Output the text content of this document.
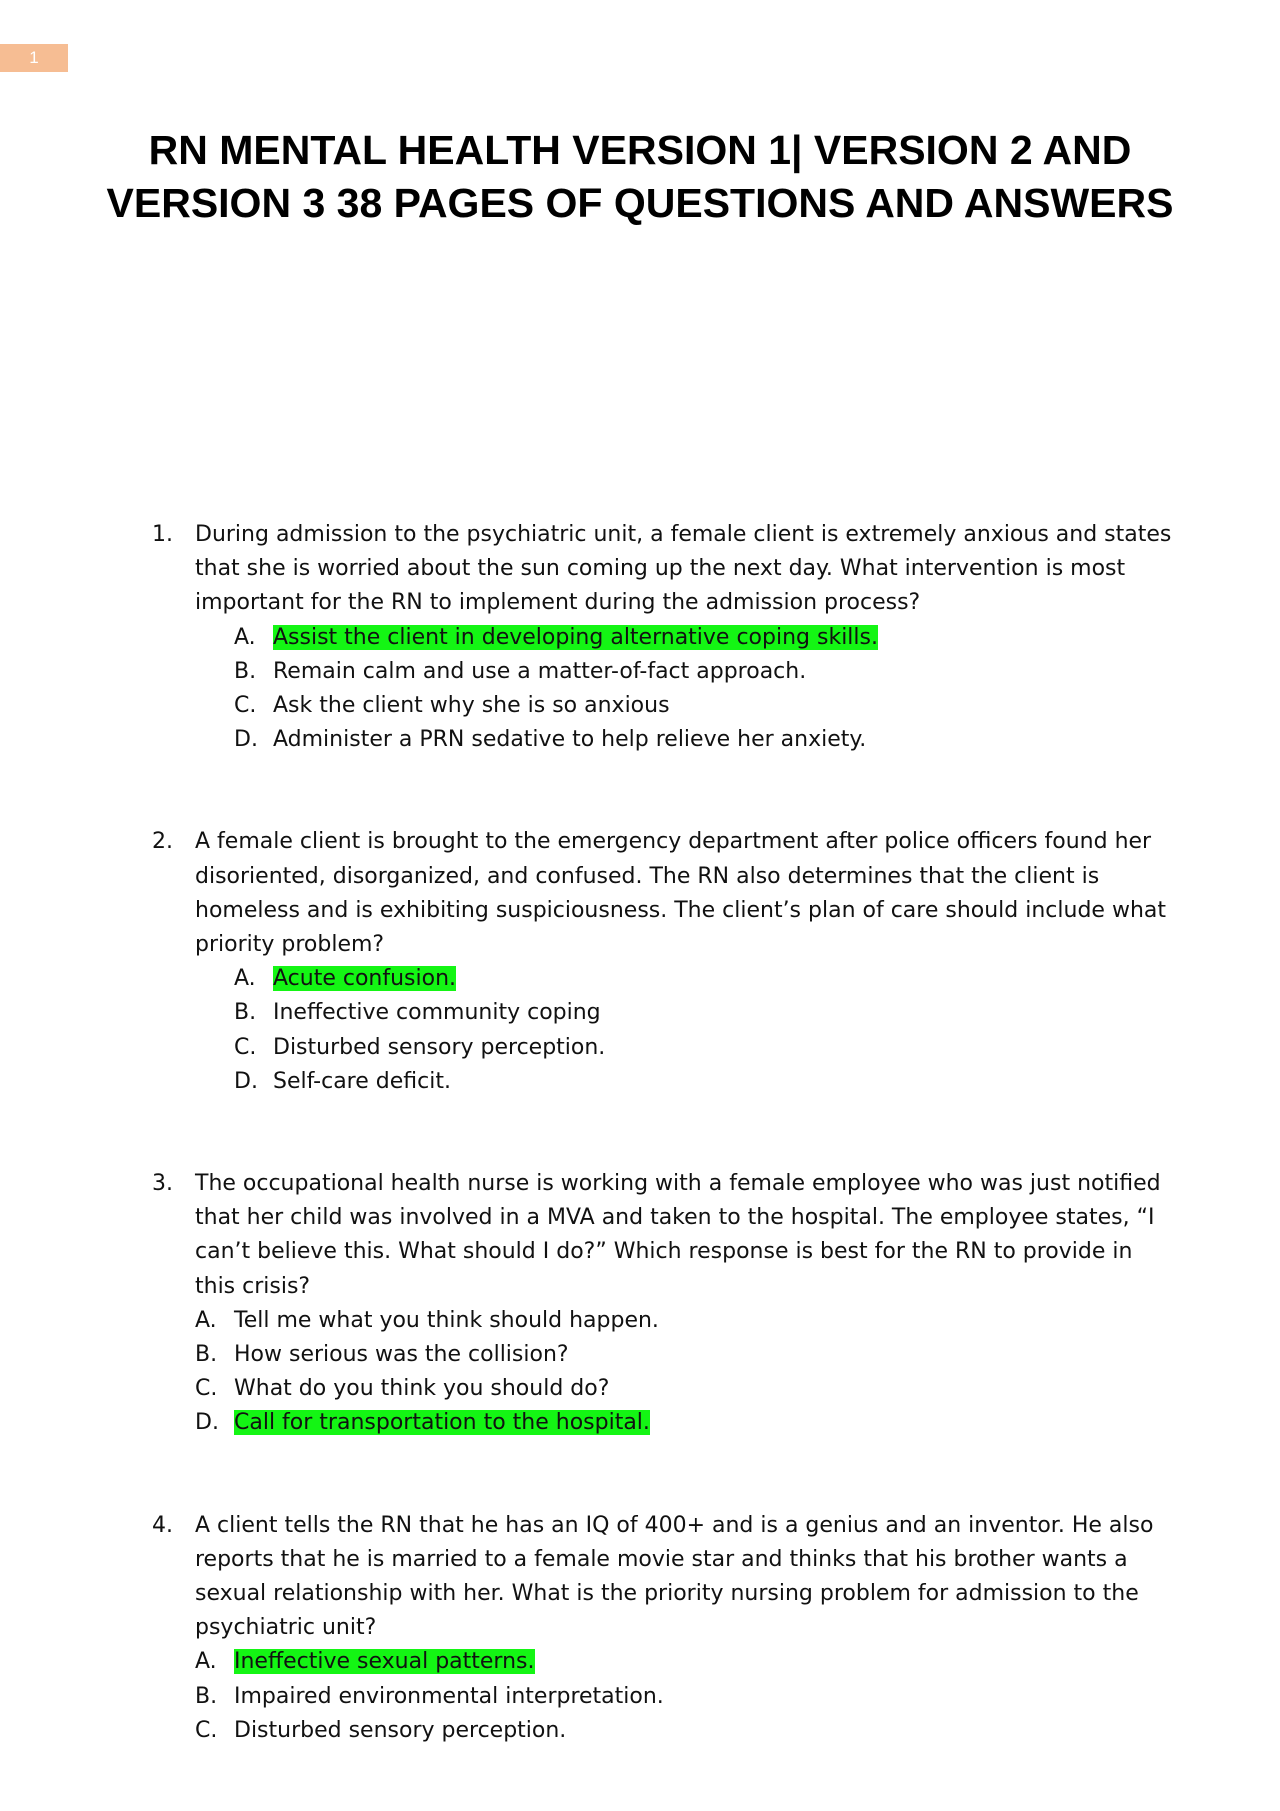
1
RN MENTAL HEALTH VERSION 1| VERSION 2 AND VERSION 3 38 PAGES OF QUESTIONS AND ANSWERS
1.	During admission to the psychiatric unit, a female client is extremely anxious and states that she is worried about the sun coming up the next day. What intervention is most important for the RN to implement during the admission process?

A. Assist the client in developing alternative coping skills.
B. Remain calm and use a matter-of-fact approach.
C. Ask the client why she is so anxious
D. Administer a PRN sedative to help relieve her anxiety.
2.	A female client is brought to the emergency department after police officers found her disoriented, disorganized, and confused. The RN also determines that the client is homeless and is exhibiting suspiciousness. The client’s plan of care should include what priority problem?

A. Acute confusion.
B. Ineffective community coping
C. Disturbed sensory perception.
D. Self-care deficit.
3.	The occupational health nurse is working with a female employee who was just notified that her child was involved in a MVA and taken to the hospital. The employee states, “I can’t believe this. What should I do?” Which response is best for the RN to provide in this crisis?

A. Tell me what you think should happen.
B. How serious was the collision?
C. What do you think you should do?
D. Call for transportation to the hospital.
4.	A client tells the RN that he has an IQ of 400+ and is a genius and an inventor. He also reports that he is married to a female movie star and thinks that his brother wants a sexual relationship with her. What is the priority nursing problem for admission to the psychiatric unit?

A. Ineffective sexual patterns.
B. Impaired environmental interpretation.
C. Disturbed sensory perception.
